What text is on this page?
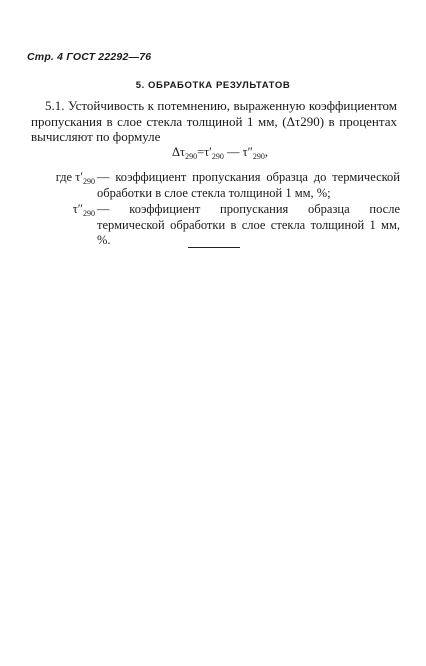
Стр. 4 ГОСТ 22292—76
5. ОБРАБОТКА РЕЗУЛЬТАТОВ
5.1. Устойчивость к потемнению, выраженную коэффициентом пропускания в слое стекла толщиной 1 мм, (Δτ290) в процентах вычисляют по формуле
$\Delta\tau_{290}=\tau'_{290}$ — $\tau''_{290}$,
где $\tau'_{290}$ — коэффициент пропускания образца до термической обработки в слое стекла толщиной 1 мм, %;
$\tau''_{290}$ — коэффициент пропускания образца после термической обработки в слое стекла толщиной 1 мм, %.
